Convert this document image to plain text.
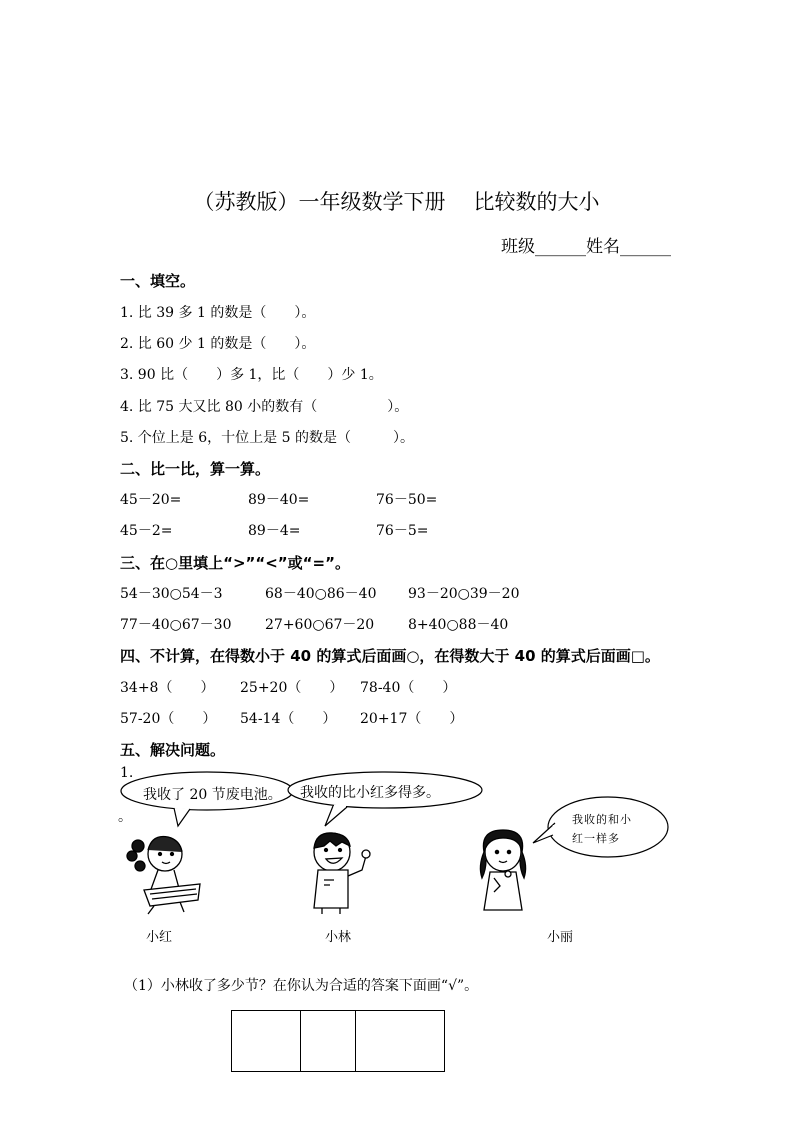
（苏教版）一年级数学下册 比较数的大小
班级______姓名______
一、填空。
1. 比 39 多 1 的数是（　　）。
2. 比 60 少 1 的数是（　　）。
3. 90 比（　　）多 1，比（　　）少 1。
4. 比 75 大又比 80 小的数有（　　　　　）。
5. 个位上是 6，十位上是 5 的数是（　　　）。
二、比一比，算一算。
45－20=	89－40=	76－50=
45－2=	89－4=	76－5=
三、在○里填上“>”“<”或“=”。
54－30○54－3	68－40○86－40 93－20○39－20
77－40○67－30 27+60○67－20 8+40○88－40
四、不计算，在得数小于 40 的算式后面画○，在得数大于 40 的算式后面画□。
34+8（　　） 25+20（　　） 78-40（　　）
57-20（　　） 54-14（　　） 20+17（　　）
五、解决问题。
1.
。
我收了 20 节废电池。 我收的比小红多得多。
我收的和小
红一样多
小红	小林	小丽
（1）小林收了多少节？在你认为合适的答案下面画“√”。
